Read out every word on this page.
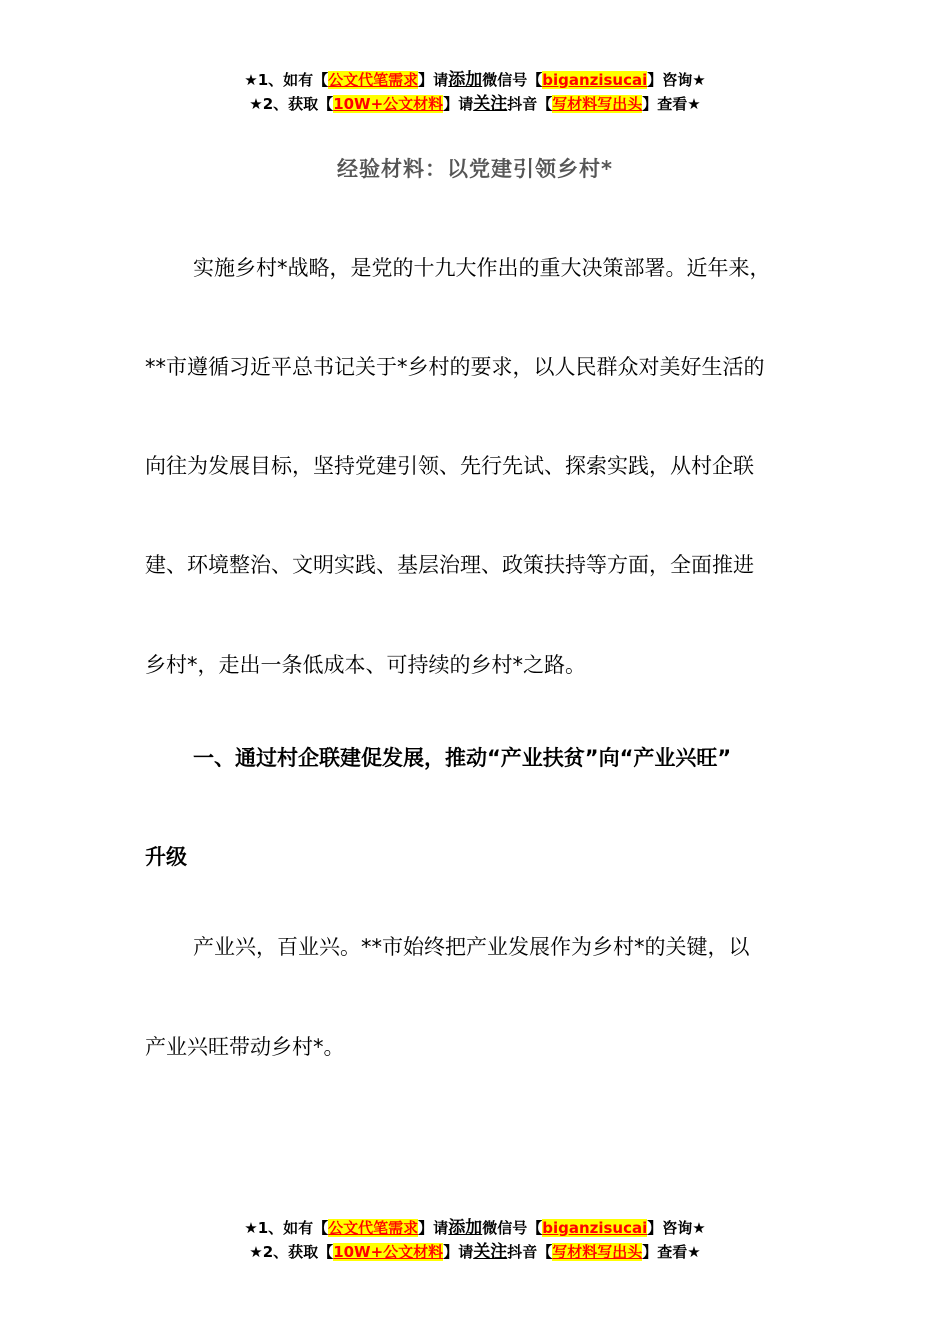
★1、如有【公文代笔需求】请添加微信号【biganzisucai】咨询★
★2、获取【10W+公文材料】请关注抖音【写材料写出头】查看★
经验材料：以党建引领乡村*
实施乡村*战略，是党的十九大作出的重大决策部署。近年来，
**市遵循习近平总书记关于*乡村的要求，以人民群众对美好生活的
向往为发展目标，坚持党建引领、先行先试、探索实践，从村企联
建、环境整治、文明实践、基层治理、政策扶持等方面，全面推进
乡村*，走出一条低成本、可持续的乡村*之路。
一、通过村企联建促发展，推动“产业扶贫”向“产业兴旺”
升级
产业兴，百业兴。**市始终把产业发展作为乡村*的关键，以
产业兴旺带动乡村*。
★1、如有【公文代笔需求】请添加微信号【biganzisucai】咨询★
★2、获取【10W+公文材料】请关注抖音【写材料写出头】查看★
